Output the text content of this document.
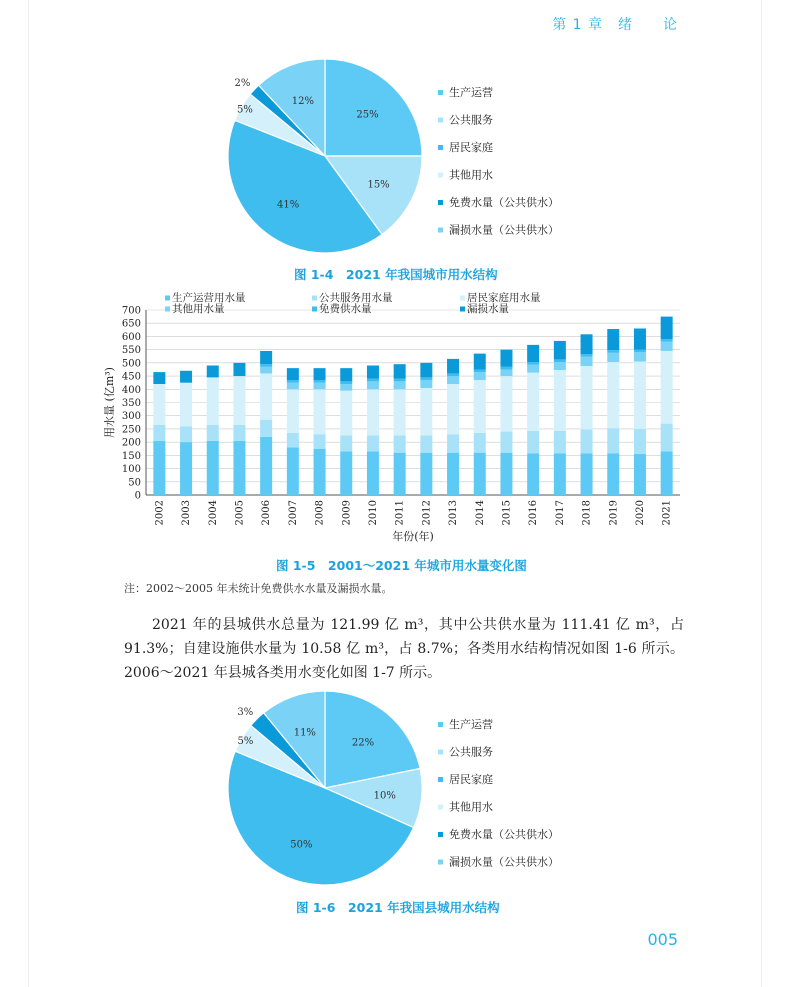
第 1 章　绪　　论
25%
15%
41%
5%
2%
12%
生产运营
公共服务
居民家庭
其他用水
免费水量（公共供水）
漏损水量（公共供水）
图 1-4　2021 年我国城市用水结构
0
50
100
150
200
250
300
350
400
450
500
550
600
650
700
用水量 (亿m³)
2002 2003 2004 2005 2006 2007 2008 2009 2010 2011 2012 2013 2014 2015 2016 2017 2018 2019 2020 2021
年份(年)
生产运营用水量	公共服务用水量	居民家庭用水量
其他用水量	免费供水量	漏损水量
图 1-5　2001～2021 年城市用水量变化图
注：2002～2005 年未统计免费供水水量及漏损水量。

2021 年的县城供水总量为 121.99 亿 m³，其中公共供水量为 111.41 亿 m³，占 91.3%；自建设施供水量为 10.58 亿 m³，占 8.7%；各类用水结构情况如图 1-6 所示。2006～2021 年县城各类用水变化如图 1-7 所示。

22%
10%
50%
5%
3%
11%
生产运营
公共服务
居民家庭
其他用水
免费水量（公共供水）
漏损水量（公共供水）
图 1-6　2021 年我国县城用水结构
005
